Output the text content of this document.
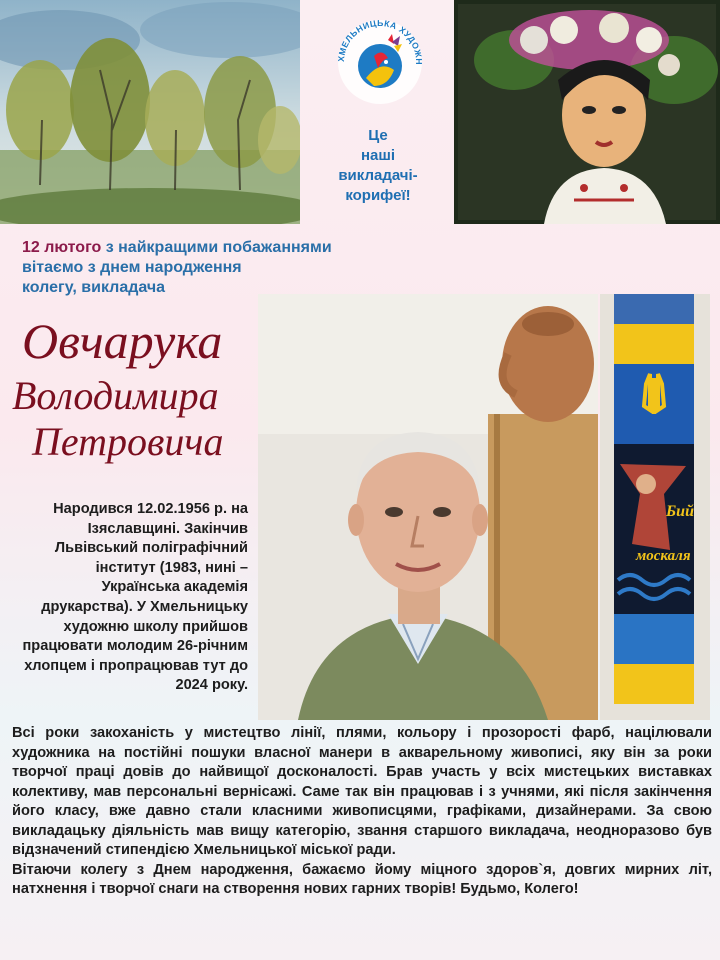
ХМЕЛЬНИЦЬКА ХУДОЖН
Це
наші
викладачі-
корифеї!
12 лютого з найкращими побажаннями
вітаємо з днем народження
колегу, викладача
Овчарука
Володимира
Петровича
Бий
москаля
Народився 12.02.1956 р. на Ізяславщині. Закінчив Львівський поліграфічний інститут (1983, нині – Українська академія друкарства). У Хмельницьку художню школу прийшов працювати молодим 26-річним хлопцем і пропрацював тут до 2024 року.

Всі роки закоханість у мистецтво лінії, плями, кольору і прозорості фарб, націлювали художника на постійні пошуки власної манери в акварельному живописі, яку він за роки творчої праці довів до найвищої досконалості. Брав участь у всіх мистецьких виставках колективу, мав персональні вернісажі. Саме так він працював і з учнями, які після закінчення його класу, вже давно стали класними живописцями, графіками, дизайнерами. За свою викладацьку діяльність мав вищу категорію, звання старшого викладача, неодноразово був відзначений стипендією Хмельницької міської ради.

Вітаючи колегу з Днем народження, бажаємо йому міцного здоров`я, довгих мирних літ, натхнення і творчої снаги на створення нових гарних творів! Будьмо, Колего!
